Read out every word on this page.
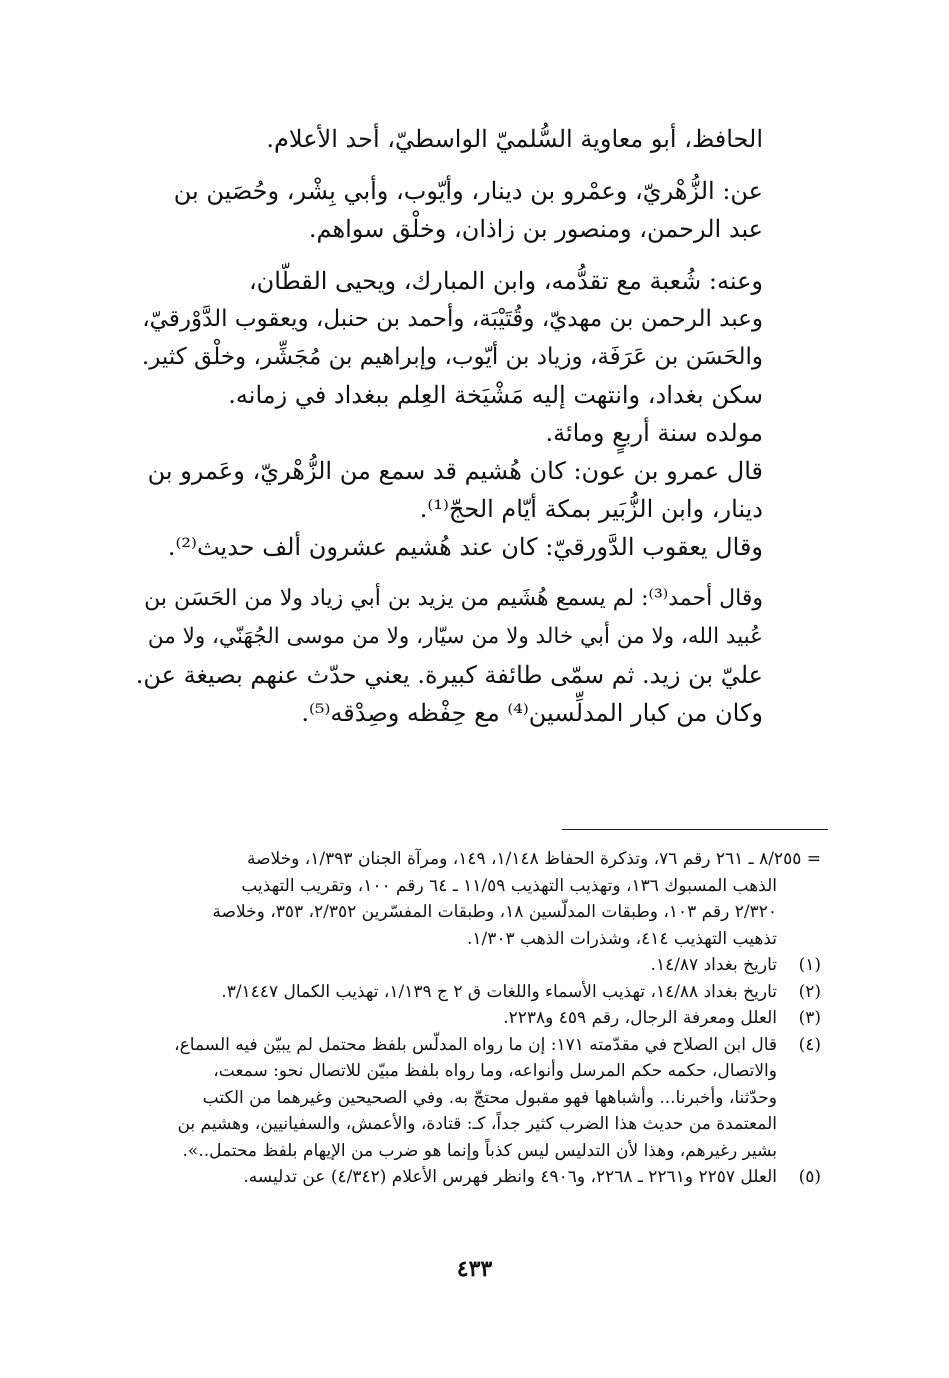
الحافظ، أبو معاوية السُّلميّ الواسطيّ، أحد الأعلام.

عن: الزُّهْريّ، وعمْرو بن دينار، وأيّوب، وأبي بِشْر، وحُصَين بن

عبد الرحمن، ومنصور بن زاذان، وخلْق سواهم.

وعنه: شُعبة مع تقدُّمه، وابن المبارك، ويحيى القطّان،

وعبد الرحمن بن مهديّ، وقُتَيْبَة، وأحمد بن حنبل، ويعقوب الدَّوْرقيّ،

والحَسَن بن عَرَفَة، وزياد بن أيّوب، وإبراهيم بن مُجَشِّر، وخلْق كثير.

سكن بغداد، وانتهت إليه مَشْيَخة العِلم ببغداد في زمانه.

مولده سنة أربعٍ ومائة.

قال عمرو بن عون: كان هُشيم قد سمع من الزُّهْريّ، وعَمرو بن

دينار، وابن الزُّبَير بمكة أيّام الحجّ⁽¹⁾.

وقال يعقوب الدَّورقيّ: كان عند هُشيم عشرون ألف حديث⁽²⁾.

وقال أحمد⁽³⁾: لم يسمع هُشَيم من يزيد بن أبي زياد ولا من الحَسَن بن

عُبيد الله، ولا من أبي خالد ولا من سيّار، ولا من موسى الجُهَنّي، ولا من

عليّ بن زيد. ثم سمّى طائفة كبيرة. يعني حدّث عنهم بصيغة عن.

وكان من كبار المدلِّسين⁽⁴⁾ مع حِفْظه وصِدْقه⁽⁵⁾.

= ٨/٢٥٥ ـ ٢٦١ رقم ٧٦، وتذكرة الحفاظ ١/١٤٨، ١٤٩، ومرآة الجنان ١/٣٩٣، وخلاصة

الذهب المسبوك ١٣٦، وتهذيب التهذيب ١١/٥٩ ـ ٦٤ رقم ١٠٠، وتقريب التهذيب

٢/٣٢٠ رقم ١٠٣، وطبقات المدلّسين ١٨، وطبقات المفسّرين ٢/٣٥٢، ٣٥٣، وخلاصة

تذهيب التهذيب ٤١٤، وشذرات الذهب ١/٣٠٣.

(١)

تاريخ بغداد ١٤/٨٧.

(٢)

تاريخ بغداد ١٤/٨٨، تهذيب الأسماء واللغات ق ٢ ج ١/١٣٩، تهذيب الكمال ٣/١٤٤٧.

(٣)

العلل ومعرفة الرجال، رقم ٤٥٩ و٢٢٣٨.

(٤)

قال ابن الصلاح في مقدّمته ١٧١: إن ما رواه المدلّس بلفظ محتمل لم يبيّن فيه السماع،

والاتصال، حكمه حكم المرسل وأنواعه، وما رواه بلفظ مبيّن للاتصال نحو: سمعت،

وحدّثنا، وأخبرنا... وأشباهها فهو مقبول محتجّ به. وفي الصحيحين وغيرهما من الكتب

المعتمدة من حديث هذا الضرب كثير جداً، كـ: قتادة، والأعمش، والسفيانيين، وهشيم بن

بشير رغيرهم، وهذا لأن التدليس ليس كذباً وإنما هو ضرب من الإيهام بلفظ محتمل..».

(٥)

العلل ٢٢٥٧ و٢٢٦١ ـ ٢٢٦٨، و٤٩٠٦ وانظر فهرس الأعلام (٤/٣٤٢) عن تدليسه.

٤٣٣
